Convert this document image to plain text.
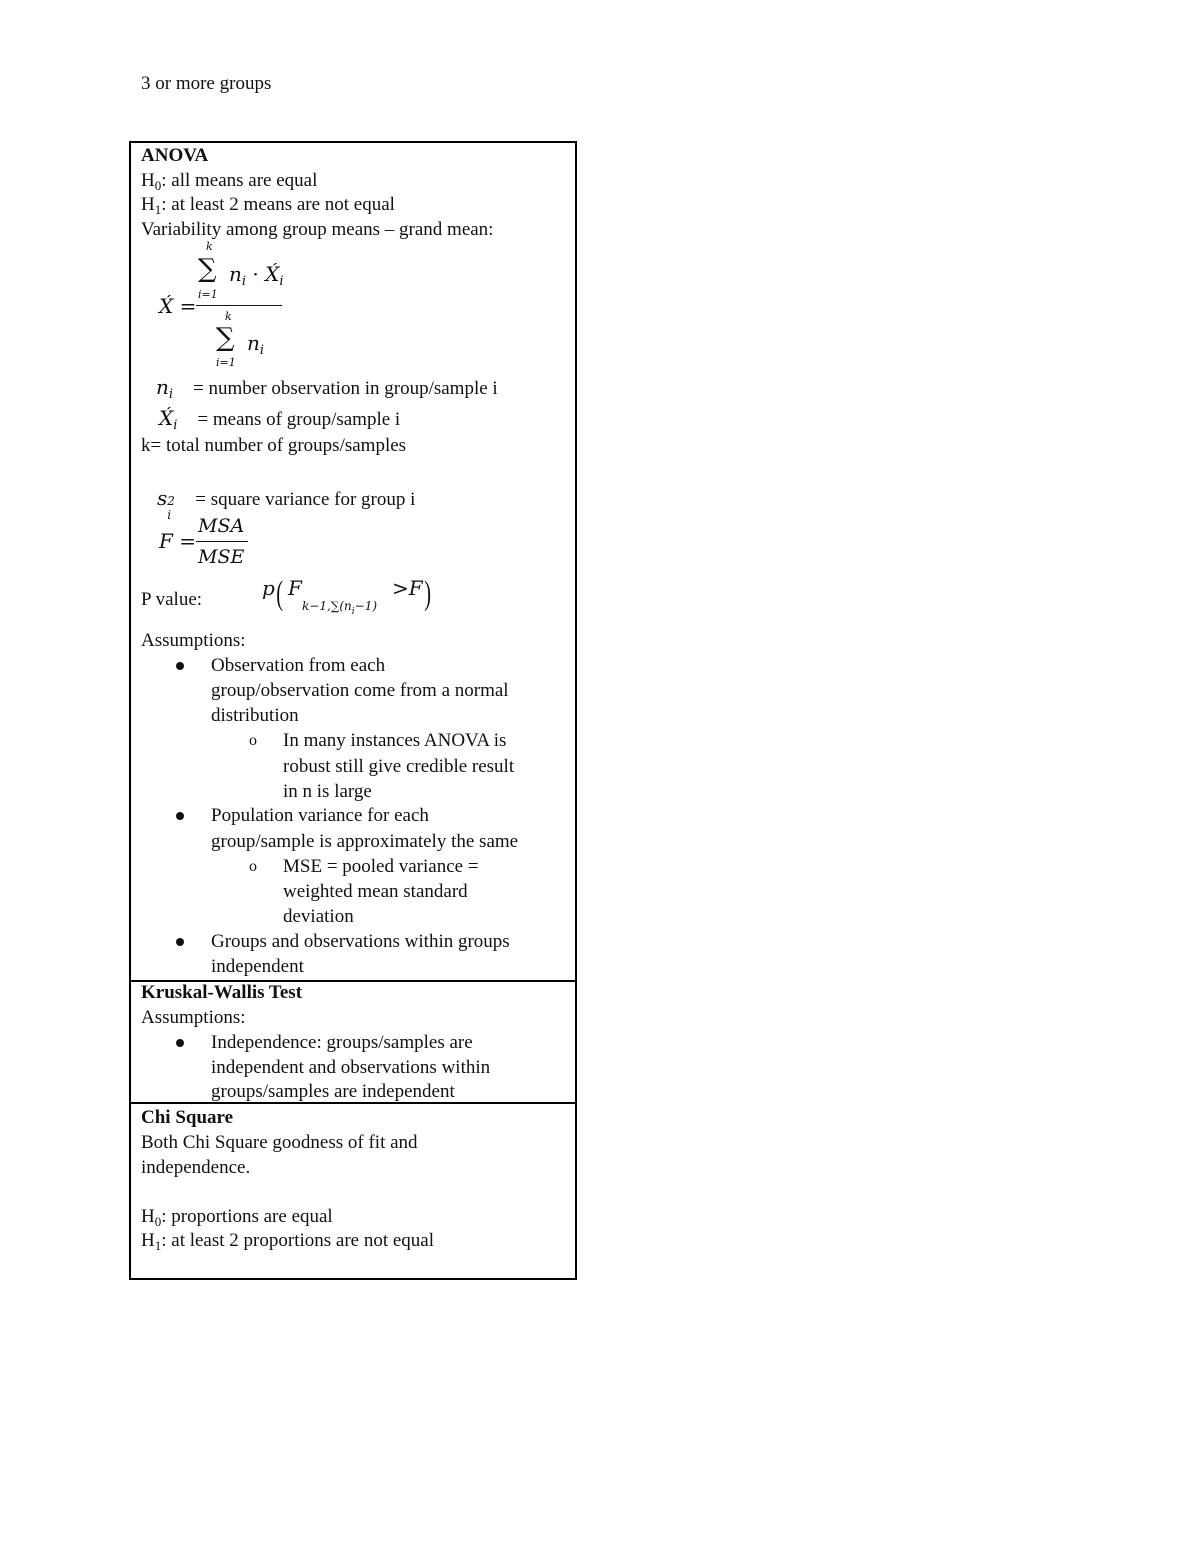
3 or more groups
ANOVA
$H_0$: all means are equal
$H_1$: at least 2 means are not equal
Variability among group means – grand mean:
k
∑
i=1
$n_i$ · $X́_i$
X́ =	k
∑
i=1
$n_i$
$n_i$ = number observation in group/sample i
$X́_i$ = means of group/sample i
k= total number of groups/samples
s 2
i
= square variance for group i
F =
MSA
MSE
P value:	p ( F
$k-1,\sum(n_i-1)$
>F )
Assumptions:
Observation from each
group/observation come from a normal
distribution
o In many instances ANOVA is
robust still give credible result
in n is large
Population variance for each
group/sample is approximately the same
o MSE = pooled variance =
weighted mean standard
deviation
Groups and observations within groups
independent
Kruskal-Wallis Test
Assumptions:
Independence: groups/samples are
independent and observations within
groups/samples are independent
Chi Square
Both Chi Square goodness of fit and
independence.
$H_0$: proportions are equal
$H_1$: at least 2 proportions are not equal
